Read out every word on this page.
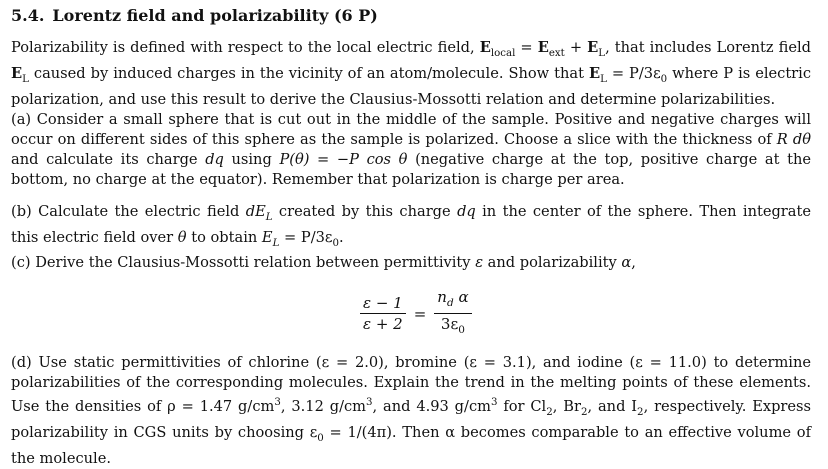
5.4. Lorentz field and polarizability (6 P)
Polarizability is defined with respect to the local electric field, $E_{local} = E_{ext} + E_L$, that includes Lorentz field $E_L$ caused by induced charges in the vicinity of an atom/molecule. Show that $E_L = P/3\varepsilon_0$ where P is electric polarization, and use this result to derive the Clausius-Mossotti relation and determine polarizabilities.
(a) Consider a small sphere that is cut out in the middle of the sample. Positive and negative charges will occur on different sides of this sphere as the sample is polarized. Choose a slice with the thickness of R dθ and calculate its charge dq using P(θ) = −P cos θ (negative charge at the top, positive charge at the bottom, no charge at the equator). Remember that polarization is charge per area.
(b) Calculate the electric field $dE_L$ created by this charge dq in the center of the sphere. Then integrate this electric field over θ to obtain $E_L = P/3\varepsilon_0$.
(c) Derive the Clausius-Mossotti relation between permittivity ε and polarizability α,
$\frac{\varepsilon - 1}{\varepsilon + 2} = \frac{n_d \alpha}{3\varepsilon_0}$
(d) Use static permittivities of chlorine (ε = 2.0), bromine (ε = 3.1), and iodine (ε = 11.0) to determine polarizabilities of the corresponding molecules. Explain the trend in the melting points of these elements. Use the densities of ρ = 1.47 $g/cm^3$, 3.12 $g/cm^3$, and 4.93 $g/cm^3$ for $Cl_2$, $Br_2$, and $I_2$, respectively. Express polarizability in CGS units by choosing $\varepsilon_0 = 1/(4\pi)$. Then α becomes comparable to an effective volume of the molecule.
